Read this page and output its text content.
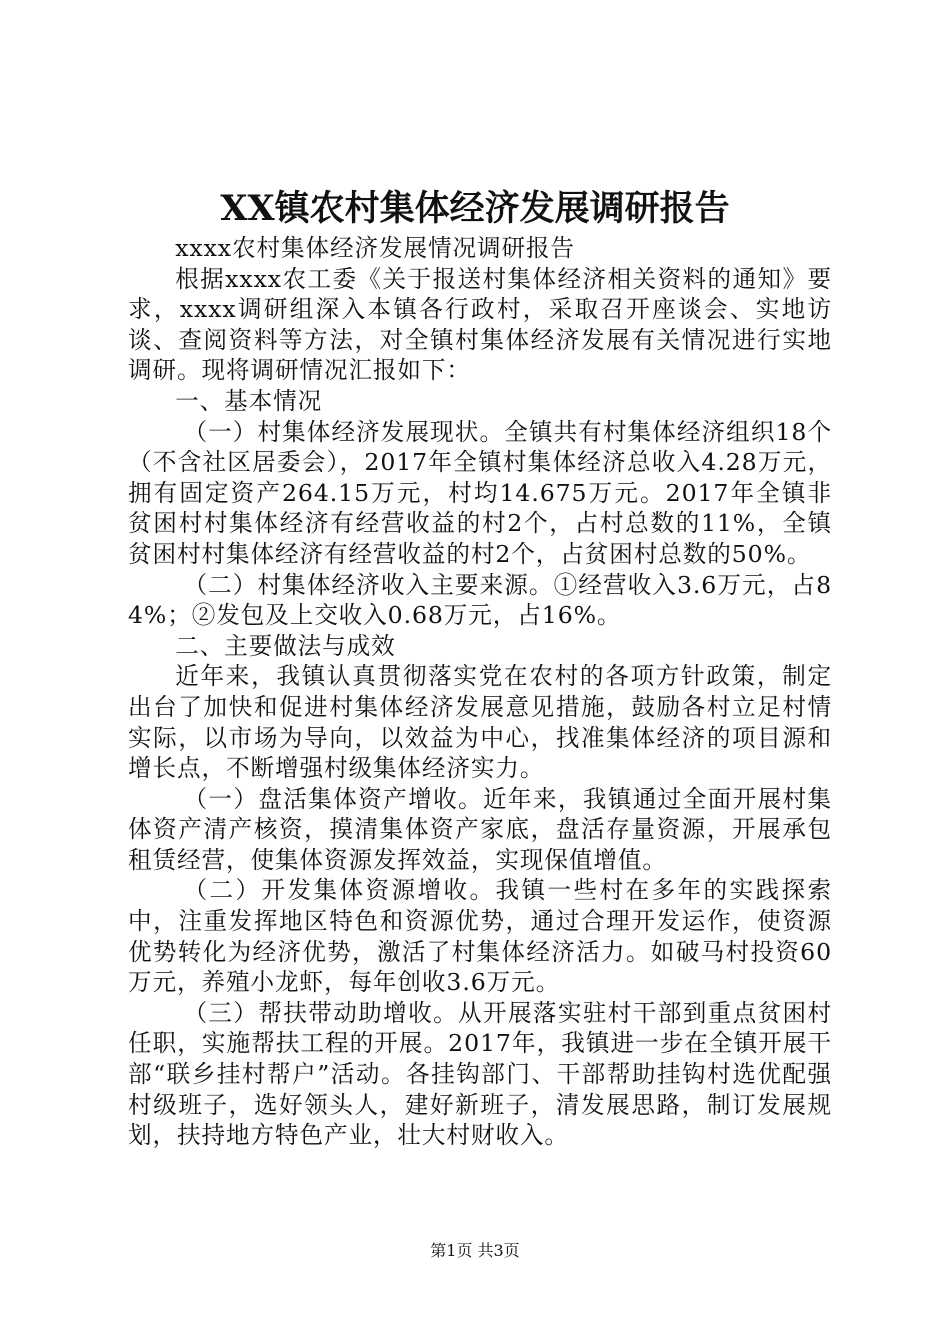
XX镇农村集体经济发展调研报告

xxxx农村集体经济发展情况调研报告

根据xxxx农工委《关于报送村集体经济相关资料的通知》要求，xxxx调研组深入本镇各行政村，采取召开座谈会、实地访谈、查阅资料等方法，对全镇村集体经济发展有关情况进行实地调研。现将调研情况汇报如下：

一、基本情况

（一）村集体经济发展现状。全镇共有村集体经济组织18个（不含社区居委会），2017年全镇村集体经济总收入4.28万元，拥有固定资产264.15万元，村均14.675万元。2017年全镇非贫困村村集体经济有经营收益的村2个，占村总数的11%，全镇贫困村村集体经济有经营收益的村2个，占贫困村总数的50%。

（二）村集体经济收入主要来源。①经营收入3.6万元，占84%；②发包及上交收入0.68万元，占16%。

二、主要做法与成效

近年来，我镇认真贯彻落实党在农村的各项方针政策，制定出台了加快和促进村集体经济发展意见措施，鼓励各村立足村情实际，以市场为导向，以效益为中心，找准集体经济的项目源和增长点，不断增强村级集体经济实力。

（一）盘活集体资产增收。近年来，我镇通过全面开展村集体资产清产核资，摸清集体资产家底，盘活存量资源，开展承包租赁经营，使集体资源发挥效益，实现保值增值。

（二）开发集体资源增收。我镇一些村在多年的实践探索中，注重发挥地区特色和资源优势，通过合理开发运作，使资源优势转化为经济优势，激活了村集体经济活力。如破马村投资60万元，养殖小龙虾，每年创收3.6万元。

（三）帮扶带动助增收。从开展落实驻村干部到重点贫困村任职，实施帮扶工程的开展。2017年，我镇进一步在全镇开展干部“联乡挂村帮户”活动。各挂钩部门、干部帮助挂钩村选优配强村级班子，选好领头人，建好新班子，清发展思路，制订发展规划，扶持地方特色产业，壮大村财收入。

第1页 共3页
